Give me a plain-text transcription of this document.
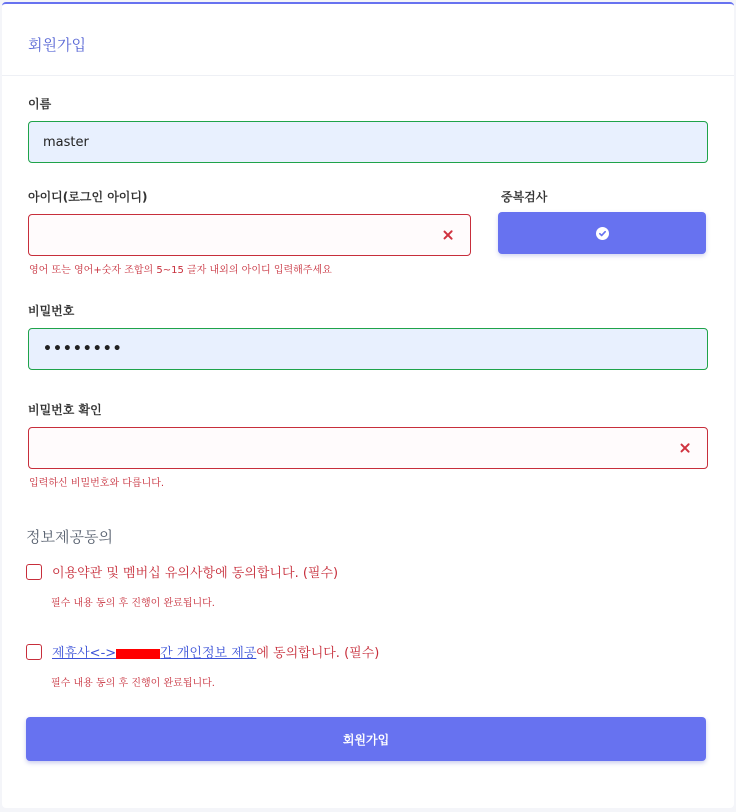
회원가입
이름
master
아이디(로그인 아이디)
영어 또는 영어+숫자 조합의 5~15 글자 내외의 아이디 입력해주세요
중복검사
비밀번호
••••••••
비밀번호 확인
입력하신 비밀번호와 다릅니다.
정보제공동의
이용약관 및 멤버십 유의사항에 동의합니다. (필수)
필수 내용 동의 후 진행이 완료됩니다.
제휴사<->	간 개인정보 제공 에 동의합니다. (필수)
필수 내용 동의 후 진행이 완료됩니다.
회원가입
